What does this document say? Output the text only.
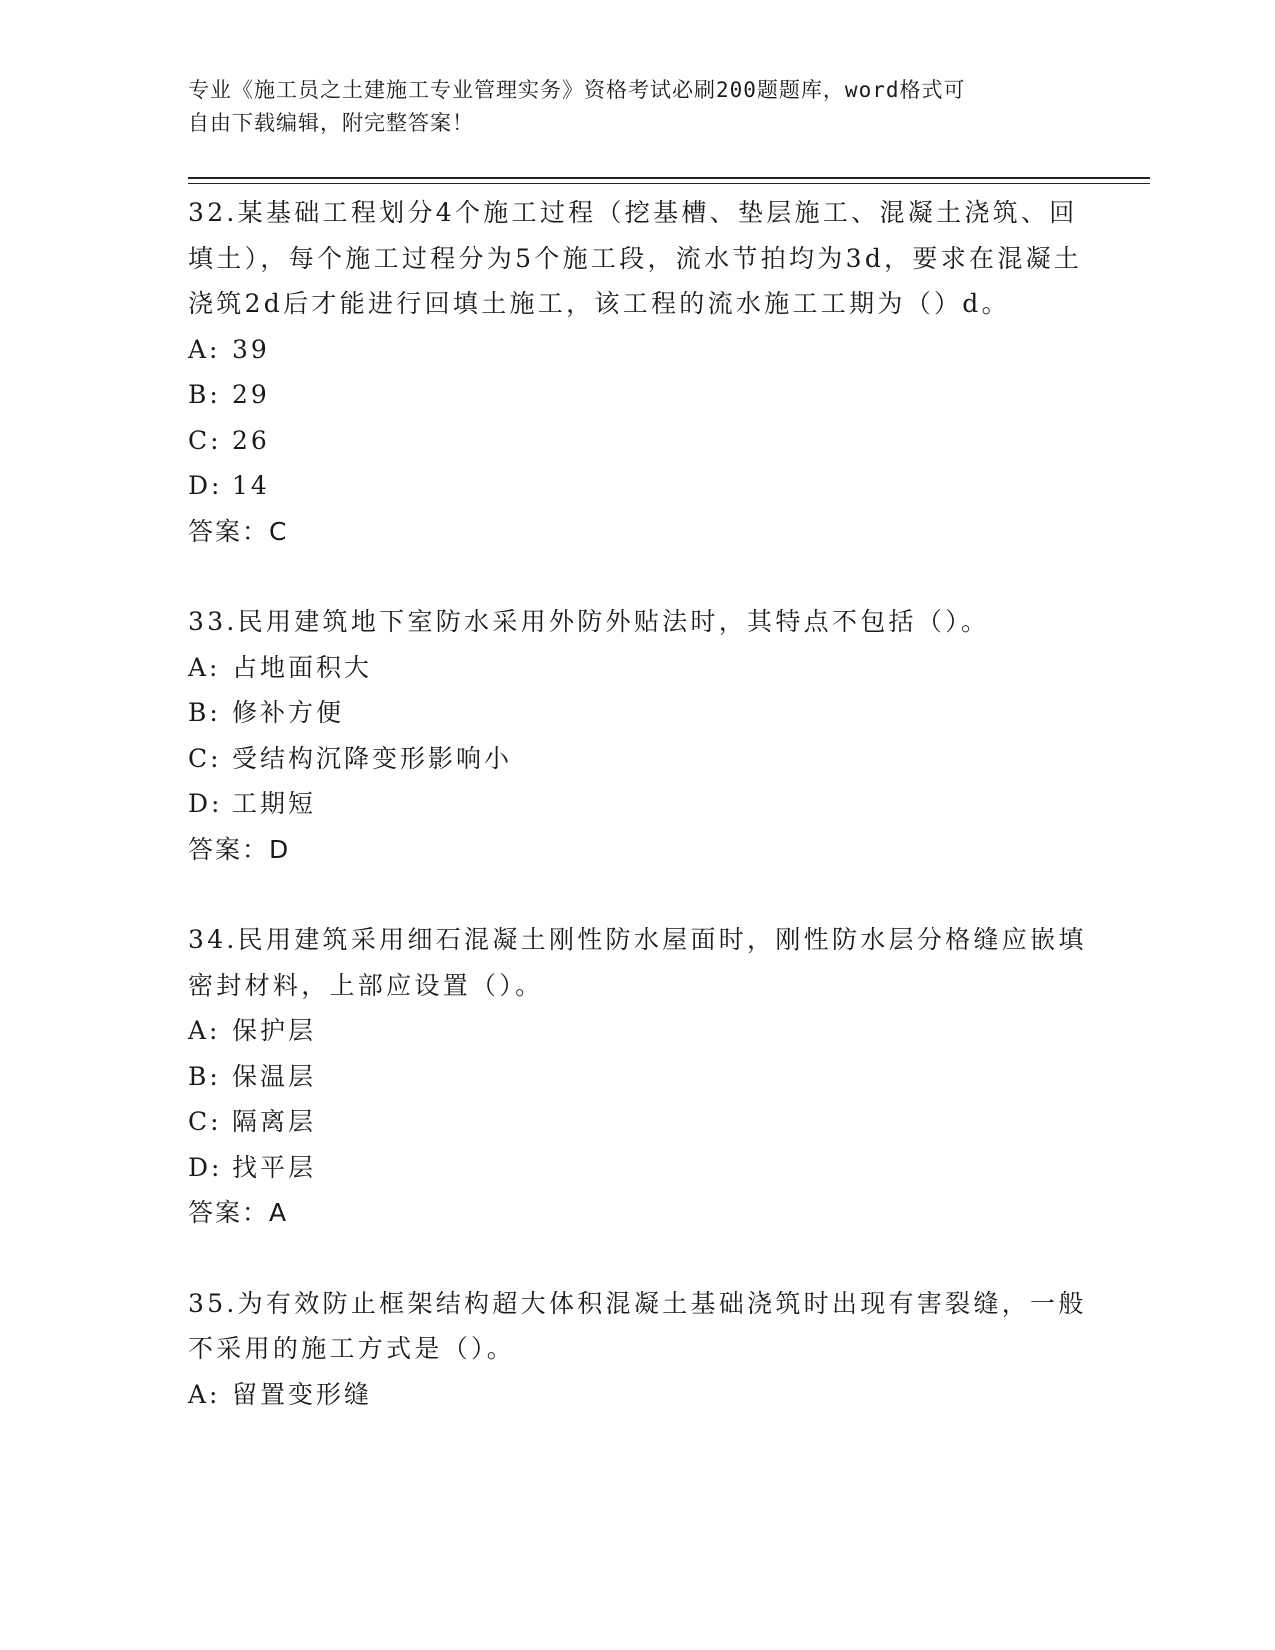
专业《施工员之土建施工专业管理实务》资格考试必刷200题题库，word格式可
自由下载编辑，附完整答案！

32.某基础工程划分4个施工过程（挖基槽、垫层施工、混凝土浇筑、回填土），每个施工过程分为5个施工段，流水节拍均为3d，要求在混凝土浇筑2d后才能进行回填土施工，该工程的流水施工工期为（）d。

A: 39

B: 29

C: 26

D: 14

答案：C

33.民用建筑地下室防水采用外防外贴法时，其特点不包括（）。

A: 占地面积大

B: 修补方便

C: 受结构沉降变形影响小

D: 工期短

答案：D

34.民用建筑采用细石混凝土刚性防水屋面时，刚性防水层分格缝应嵌填密封材料，上部应设置（）。

A: 保护层

B: 保温层

C: 隔离层

D: 找平层

答案：A

35.为有效防止框架结构超大体积混凝土基础浇筑时出现有害裂缝，一般不采用的施工方式是（）。

A: 留置变形缝
